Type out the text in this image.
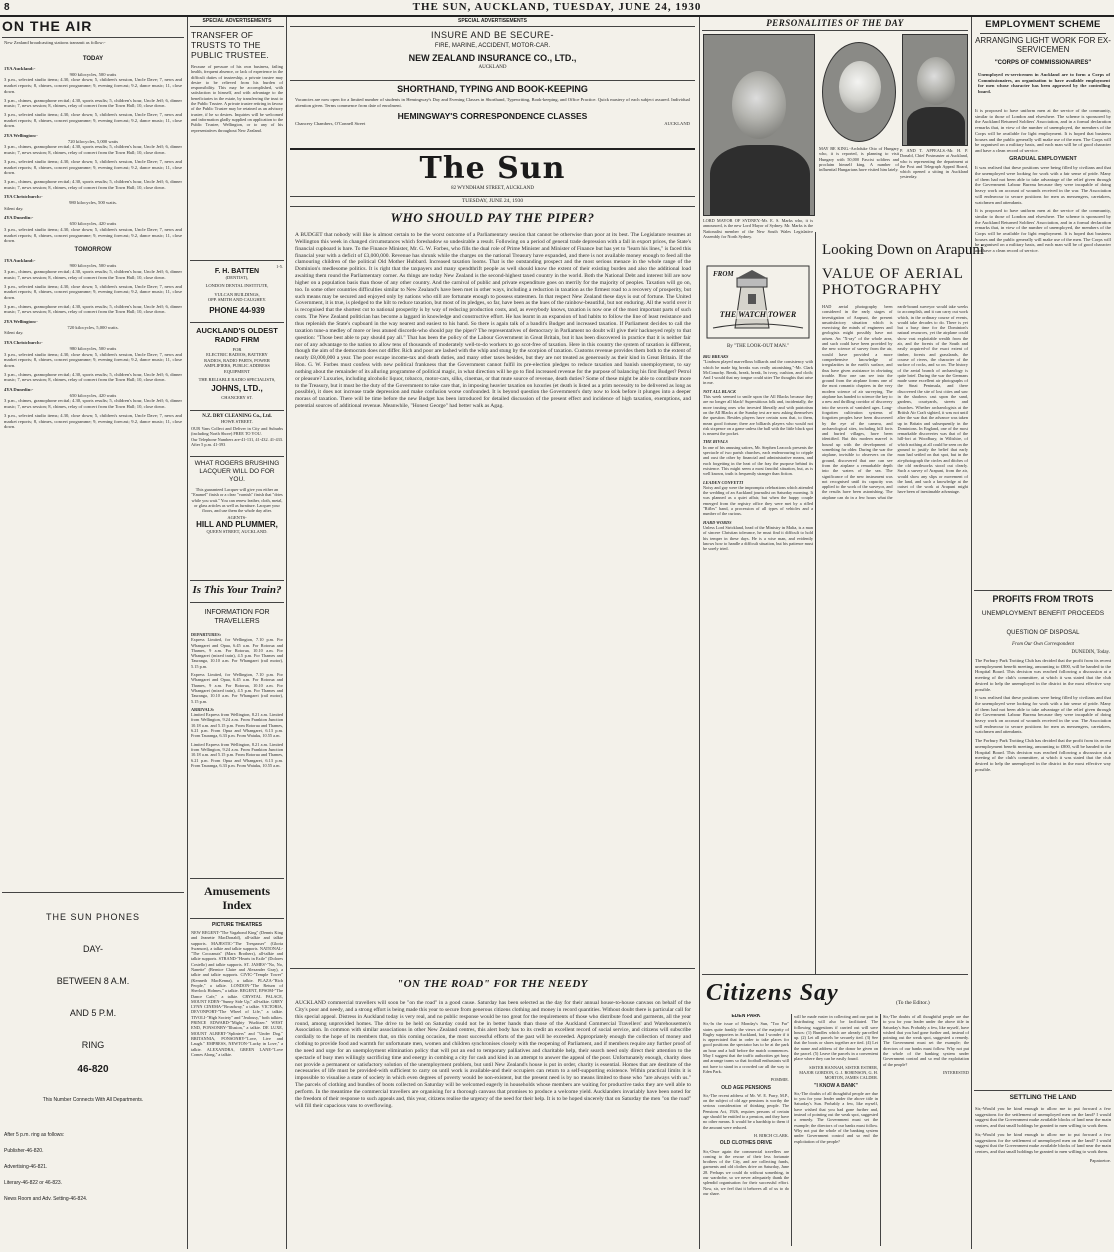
8	THE SUN, AUCKLAND, TUESDAY, JUNE 24, 1930
ON THE AIR
New Zealand broadcasting stations transmit as follow:-
TODAY
1YA Auckland:-
900 kilocycles, 500 watts

3 p.m., selected studio items; 4.30, close down; 5, children's session, Uncle Dave; 7, news and market reports; 8, chimes, concert programme; 9, evening forecast; 9.2, dance music; 11, close down.

3 p.m., chimes, gramophone recital; 4.30, sports results; 5, children's hour, Uncle Jeff; 6, dinner music; 7, news session; 8, chimes, relay of concert from the Town Hall; 10, close down.

3 p.m., selected studio items; 4.30, close down; 5, children's session, Uncle Dave; 7, news and market reports; 8, chimes, concert programme; 9, evening forecast; 9.2, dance music; 11, close down.

2YA Wellington:-
720 kilocycles, 5,000 watts

3 p.m., chimes, gramophone recital; 4.30, sports results; 5, children's hour, Uncle Jeff; 6, dinner music; 7, news session; 8, chimes, relay of concert from the Town Hall; 10, close down.

3 p.m., selected studio items; 4.30, close down; 5, children's session, Uncle Dave; 7, news and market reports; 8, chimes, concert programme; 9, evening forecast; 9.2, dance music; 11, close down.

3 p.m., chimes, gramophone recital; 4.30, sports results; 5, children's hour, Uncle Jeff; 6, dinner music; 7, news session; 8, chimes, relay of concert from the Town Hall; 10, close down.

3YA Christchurch:-
980 kilocycles, 500 watts.
Silent day.
4YA Dunedin:-
650 kilocycles, 420 watts

3 p.m., selected studio items; 4.30, close down; 5, children's session, Uncle Dave; 7, news and market reports; 8, chimes, concert programme; 9, evening forecast; 9.2, dance music; 11, close down.

TOMORROW
1YA Auckland:-
900 kilocycles, 500 watts

3 p.m., chimes, gramophone recital; 4.30, sports results; 5, children's hour, Uncle Jeff; 6, dinner music; 7, news session; 8, chimes, relay of concert from the Town Hall; 10, close down.

3 p.m., selected studio items; 4.30, close down; 5, children's session, Uncle Dave; 7, news and market reports; 8, chimes, concert programme; 9, evening forecast; 9.2, dance music; 11, close down.

3 p.m., chimes, gramophone recital; 4.30, sports results; 5, children's hour, Uncle Jeff; 6, dinner music; 7, news session; 8, chimes, relay of concert from the Town Hall; 10, close down.

2YA Wellington:-
720 kilocycles, 5,000 watts.
Silent day.
3YA Christchurch:-
980 kilocycles, 500 watts

3 p.m., selected studio items; 4.30, close down; 5, children's session, Uncle Dave; 7, news and market reports; 8, chimes, concert programme; 9, evening forecast; 9.2, dance music; 11, close down.

3 p.m., chimes, gramophone recital; 4.30, sports results; 5, children's hour, Uncle Jeff; 6, dinner music; 7, news session; 8, chimes, relay of concert from the Town Hall; 10, close down.

4YA Dunedin:-
650 kilocycles, 420 watts

3 p.m., chimes, gramophone recital; 4.30, sports results; 5, children's hour, Uncle Jeff; 6, dinner music; 7, news session; 8, chimes, relay of concert from the Town Hall; 10, close down.

3 p.m., selected studio items; 4.30, close down; 5, children's session, Uncle Dave; 7, news and market reports; 8, chimes, concert programme; 9, evening forecast; 9.2, dance music; 11, close down.

THE SUN PHONES
DAY-
BETWEEN 8 A.M.
AND 5 P.M.
RING
46-820
This Number Connects With All Departments.
After 5 p.m. ring as follows:
Publisher-46-820.
Advertising-46-821.
Literary-46-822 or 46-823.
News Room and Adv. Setting-46-824.
SPECIAL ADVERTISEMENTS
TRANSFER OF TRUSTS TO THE PUBLIC TRUSTEE.
Because of pressure of his own business, failing health, frequent absence, or lack of experience in the difficult duties of trusteeship, a private trustee may desire to be relieved from his burden of responsibility. This may be accomplished, with satisfaction to himself, and with advantage to the beneficiaries in the estate, by transferring the trust to the Public Trustee. A private trustee retiring in favour of the Public Trustee may be retained as an advisory trustee, if he so desires. Inquiries will be welcomed and information gladly supplied on application to the Public Trustee, Wellington, or to any of his representatives throughout New Zealand.
1-5.
F. H. BATTEN
(DENTIST),
LONDON DENTAL INSTITUTE,
VULCAN BUILDINGS,
OPP. SMITH AND CAUGHEY.
PHONE 44-939
AUCKLAND'S OLDEST RADIO FIRM
FOR
ELECTRIC RADIOS, BATTERY RADIOS, RADIO PARTS, POWER AMPLIFIERS, PUBLIC ADDRESS EQUIPMENT
THE RELIABLE RADIO SPECIALISTS,
JOHNS, LTD.,
CHANCERY ST.
N.Z. DRY CLEANING Co., Ltd.
HOWE STREET.
OUR Vans Collect and Deliver in City and Suburbs (including North Shore) FREE TO YOU.
Our Telephone Numbers are-41-131, 41-432. 41-433. After 5 p.m. 41-393
WHAT ROGERS BRUSHING LACQUER WILL DO FOR YOU.
This guaranteed Lacquer will give you either an "Enamel" finish or a clear "varnish" finish that "dries while you wait." You can renew leather, cloth, metal, or glass articles as well as furniture. Lacquer your floors, and use them the whole day after.
AGENTS-
HILL AND PLUMMER,
QUEEN STREET, AUCKLAND.
Is This Your Train?
INFORMATION FOR TRAVELLERS
DEPARTURES:

Express Limited, for Wellington, 7.10 p.m. For Whangarei and Opua, 6.45 a.m. For Rotorua and Thames, 9 a.m. For Rotorua, 10.10 a.m. For Whangarei (mixed train), 4.5 p.m. For Thames and Tauranga, 10.10 a.m. For Whangarei (rail motor), 5.15 p.m.

Express Limited, for Wellington, 7.10 p.m. For Whangarei and Opua, 6.45 a.m. For Rotorua and Thames, 9 a.m. For Rotorua, 10.10 a.m. For Whangarei (mixed train), 4.5 p.m. For Thames and Tauranga, 10.10 a.m. For Whangarei (rail motor), 5.15 p.m.

ARRIVALS:

Limited Express from Wellington, 8.21 a.m. Limited from Wellington, 9.24 a.m. From Frankton Junction 10.18 a.m. and 5.15 p.m. From Rotorua and Thames, 6.21 p.m. From Opua and Whangarei, 6.13 p.m. From Tauranga, 6.33 p.m. From Waiuku, 10.55 a.m.

Limited Express from Wellington, 8.21 a.m. Limited from Wellington, 9.24 a.m. From Frankton Junction 10.18 a.m. and 5.15 p.m. From Rotorua and Thames, 6.21 p.m. From Opua and Whangarei, 6.13 p.m. From Tauranga, 6.33 p.m. From Waiuku, 10.55 a.m.

Amusements Index
PICTURE THEATRES
NEW REGENT-"The Vagabond King" (Dennis King and Jeanette MacDonald), all-talkie and talkie supports. MAJESTIC-"The Trespasser" (Gloria Swanson), a talkie and talkie supports. NATIONAL-"The Cocoanuts" (Marx Brothers), all-talkie and talkie supports. STRAND-"Hearts in Exile" (Dolores Costello) and talkie supports. ST. JAMES'-"No, No, Nanette" (Bernice Claire and Alexander Gray), a talkie and talkie supports. CIVIC-"Temple Tower" (Kenneth MacKenna), a talkie. PLAZA-"Rich People," a talkie. LONDON-"The Return of Sherlock Holmes," a talkie. REGENT, EPSOM-"The Dance Cafe," a talkie. CRYSTAL PALACE, MOUNT EDEN-"Sunny Side Up," all-talkie. GREY LYNN CINEMA-"Broadway," a talkie. VICTORIA, DEVONPORT-"The Wheel of Life," a talkie. TIVOLI-"High Society" and "Jealousy," both talkies. PRINCE EDWARD-"Mighty Wurlitzer." WEST END, PONSONBY-"Illusion," a talkie. DE LUXE, MOUNT ALBERT-"Splinters" and "Under Dog." BRITANNIA, PONSONBY-"Love, Live and Laugh." EMPRESS, NEWTON-"Lucky in Love," a talkie. ALEXANDRA, GREEN LANE-"Love Comes Along," a talkie.
SPECIAL ADVERTISEMENTS
INSURE AND BE SECURE-
FIRE, MARINE, ACCIDENT, MOTOR-CAR.
NEW ZEALAND INSURANCE CO., LTD.,
AUCKLAND
SHORTHAND, TYPING AND BOOK-KEEPING
Vacancies are now open for a limited number of students in Hemingway's Day and Evening Classes in Shorthand, Typewriting, Book-keeping, and Office Practice. Quick mastery of each subject assured. Individual attention given. Terms commence from date of enrolment.
HEMINGWAY'S CORRESPONDENCE CLASSES
Chancery Chambers, O'Connell Street	AUCKLAND
The Sun
82 WYNDHAM STREET, AUCKLAND
TUESDAY, JUNE 24, 1930
WHO SHOULD PAY THE PIPER?
A BUDGET that nobody will like is almost certain to be the worst outcome of a Parliamentary session that cannot be otherwise than poor at its best. The Legislature resumes at Wellington this week in changed circumstances which foreshadow so undesirable a result. Following on a period of general trade depression with a fall in export prices, the State's financial cupboard is bare. To the Finance Minister, Mr. G. W. Forbes, who fills the dual role of Prime Minister and Minister of Finance but has yet to "learn his lines," is faced this financial year with a deficit of £3,000,000. Revenue has shrunk while the charges on the national Treasury have expanded, and there is not available money enough to feed all the clamouring children of the political Old Mother Hubbard. Increased taxation looms. That is the outstanding prospect and the most serious menace in the whole range of the Dominion's medlesome politics. It is right that the taxpayers and many spendthrift people as well should know the extent of their existing burden and also the additional load awaiting them round the Parliamentary corner. As things are today New Zealand is the second-highest taxed country in the world. Both the National Debt and interest bill are now higher on a population basis than those of any other country. And the carnival of public and private expenditure goes on merrily for the majority of peoples. Taxation will go on, too. In some other countries difficulties similar to New Zealand's have been met in other ways, including a reduction in taxation as the firmest road to a recovery of prosperity, but such means may be secured and enjoyed only by nations who still are fortunate enough to possess statesmen. In that respect New Zealand these days is out of fortune. The United Government, it is true, is pledged to the hilt to reduce taxation, but most of its pledges, so far, have been as the hues of the rainbow-beautiful, but not enduring. All the world over it is recognised that the shortest cut to national prosperity is by way of reducing production costs, and, as everybody knows, taxation is now one of the most important parts of such costs. The New Zealand politician has become a laggard in knowledge and constructive effort. He has learnt in an expansion of bad habits to follow the line of least resistance and thus replenish the State's cupboard in the way nearest and easiest to his hand. So there is again talk of a bandit's Budget and increased taxation. If Parliament decides to call the taxation tune-a medley of more or less atuned discords-who should pay the piper? The representatives of democracy in Parliament no doubt will give their hackneyed reply to that question: "Those best able to pay should pay all." That has been the policy of the Labour Government in Great Britain, but it has been discovered in practice that it is neither fair nor of any advantage to the nation to allow tens of thousands of moderately well-to-do workers to go scot-free of taxation. Here in this country the system of taxation is different, though the aim of the democrats does not differ. Rich and poor are lashed with the whip and stung by the scorpion of taxation. Customs revenue provides them both to the extent of nearly £8,000,000 a year. The poor escape income-tax and death duties, and many other taxes besides, but they are not treated as generously as their kind in Great Britain. If the Hon. G. W. Forbes must confess with new political frankness that the Government cannot fulfil its pre-election pledges to reduce taxation and banish unemployment, to say nothing about the remainder of its alluring programme of political magic, in what direction will he go to find increased revenue for the purpose of balancing his first Budget? Petrol or pleasure? Luxuries, including alcoholic liquor, tobacco, motor-cars, silks, cinemas, or that mute source of revenue, death duties? Some of these might be able to contribute more to the Treasury, but it must be the duty of the Government to take care that, in imposing heavier taxation on luxuries (et death is listed as a prim necessity to be delivered as long as possible), it does not increase trade depression and make confusion worse confounded. It is beyond question the Government's duty now to look before it plunges into a deeper morass of taxation. There will be time before the new Budget has been introduced for detailed discussion of the present effect and incidence of high taxation, exemptions, and potential sources of additional revenue. Meanwhile, "Honest George" had better walk as Agag.
"ON THE ROAD" FOR THE NEEDY
AUCKLAND commercial travellers will soon be "on the road" in a good cause. Saturday has been selected as the day for their annual house-to-house canvass on behalf of the City's poor and needy, and a strong effort is being made this year to secure from generous citizens clothing and money in record quantities. Without doubt there is particular call for this special appeal. Distress in Auckland today is very real, and no public response would be too great for the requirements of those who distribute food and garments, all the year round, among unprovided homes. The drive to be held on Saturday could not be in better hands than those of the Auckland Commercial Travellers' and Warehousemen's Association. In common with similar associations in other New Zealand centres, this alert body has to its credit an excellent record of social service, and citizens will subscribe cordially to the hope of its members that, on this coming occasion, the most successful efforts of the past will be exceeded. Appropriately enough the collection of money and clothing to provide food and warmth for unfortunate men, women and children synchronises closely with the reopening of Parliament, and if members require any further proof of the need and urge for an unemployment elimination policy that will put an end to temporary palliatives and charitable help, their search need only direct their attention to the spectacle of busy men willingly sacrificing time and energy in combing a city for cash and kind in an attempt to answer the appeal of the poor. Unfortunately enough, charity does not provide a permanent or satisfactory solution of the unemployment problem, but until New Zealand's house is put in order, charity is essential. Homes that are destitute of the necessaries of life must be provided-with sufficient to carry on until work is available-and their occupiers can return to a self-supporting existence. Within practical limits it is impossible to visualise a state of society in which even degrees of poverty would be non-existent, but the present need is by no means limited to those who "are always with us." The parcels of clothing and bundles of boots collected on Saturday will be welcomed eagerly in households whose members are waiting for productive tasks they are well able to perform. In the meantime the commercial travellers are organising for a thorough canvass that promises to produce a welcome yield. Aucklanders invariably have been noted for the freedom of their response to such appeals and, this year, citizens realise the urgency of the need for their help. It is to be hoped sincerely that on Saturday the men "on the road" will fill their capacious vans to overflowing.
PERSONALITIES OF THE DAY
LORD MAYOR OF SYDNEY.-Mr. E. S. Marks who, it is announced, is the new Lord Mayor of Sydney. Mr. Marks is the Nationalist member of the New South Wales Legislative Assembly for North Sydney.
MAY BE KING.-Archduke Otto of Hungary who, it is reported, is planning to visit Hungary with 50,000 Fascist soldiers and proclaim himself king. A number of influential Hungarians have visited him lately.
P. AND T. APPEALS.-Mr. H. P. Donald, Chief Postmaster at Auckland, who is representing the department at the Post and Telegraph Appeal Board, which opened a sitting in Auckland yesterday.
FROM
THE WATCH TOWER
By "THE LOOK-OUT MAN."
BIG BREAKS

"Lindrum played marvellous billiards and the consistency with which he made big breaks was really astonishing."-Mr. Clark McConachy. Break, break, break, In ivory, cushion, and cloth; And I would that my tongue could utter The thoughts that arise in me.

NOT ALL BLACK

This week seemed to smile upon the All Blacks because they are no longer all black! Superstitious folk and, incidentally, the more trusting ones who invested liberally and with patriotism on the All Blacks at the Sunday test are now asking themselves the question. Besides players have certain sons that, to them, mean good fortune; there are billiards players who would not risk sixpence on a game unless the ball with the little black spot is nearest the pocket.

THE RIVALS

In one of his amusing satires, Mr. Stephen Leacock presents the spectacle of two parish churches, each endeavouring to cripple and oust the other by financial and administrative means, and each forgetting in the heat of the fray the purpose behind its existence. This might seem a most fanciful situation, but, as is well known, truth is frequently stranger than fiction.

LEADEN CONFETTI

Noisy and gay were the impromptu celebrations which attended the wedding of an Auckland journalist on Saturday morning. It was planned as a quiet affair, but when the happy couple emerged from the registry office they were met by a rifled "Rifles" band, a procession of all types of vehicles and a number of the curious.

HARD WORDS

Unless Lord Strickland, head of the Ministry in Malta, is a man of sincere Christian tolerance, he must find it difficult to hold his temper in these days. He is a wise man, and evidently knows how to handle a difficult situation, but his patience must be sorely tried.

Looking Down on Arapuni
VALUE OF AERIAL PHOTOGRAPHY
HAD aerial photography been considered in the early stages of investigation of Arapuni, the present unsatisfactory situation which is exercising the minds of engineers and geologists might possibly have not arisen. An "X-ray" of the whole area, and such could have been provided by the new science of survey from the air, would have provided a more comprehensive knowledge of irregularities in the earth's surface, and thus have given assistance in obviating trouble. How one can see into the ground from the airplane forms one of the most romantic chapters in the very modern science of air surveying. The airplane has handed to science the key to a new and thrilling corridor of discovery into the secrets of vanished ages. Long-forgotten cultivation systems of forgotten peoples have been discovered by the eye of the camera, and archaeological sites, including hill forts and buried villages, have been identified. But this modern marvel is bound up with the development of something far older. During the war the airplane, invisible to observers on the ground, discovered that one can see from the airplane a remarkable depth into the waters of the sea. The significance of the new instrument was not recognised until its capacity was applied to the work of the surveyor, and the results have been astonishing. The airplane can do in a few hours what the earth-bound surveyor would take weeks to accomplish, and it can carry out work which, in the ordinary course of events, would take decades to do. There is yet but a busy time for the Dominion's natural resources, yet the airplane could show vast exploitable wealth from the air, and the forests of the South and easily acquired-of the exact extent of timber, forests and grasslands, the course of rivers, the character of the surface of rocks, and so on. The history of the aerial branch of archaeology is quite brief. During the war the Germans made some excellent air photographs of the Sinai Peninsula, and there discovered the site of lost cities and saw in the shadows cast upon the sand, gardens, courtyards, streets and churches. Whether archaeologists at the British Air Craft sighted, it was not until after the war that the advance was taken up in Britain and subsequently in the Dominions. In England, one of the most remarkable discoveries was that of the hill-fort at Woodbury, in Wiltshire, of which nothing at all could be seen on the ground to justify the belief that early man had settled on that spot, but in the air-photograph the circles and ditches of the old earthworks stood out clearly. Such a survey of Arapuni, from the air, would show any slips or movement of the land, and such a knowledge at the outset of the work at Arapuni might have been of inestimable advantage.
Citizens Say	(To the Editor.)
EDEN PARK

Sir,-In the issue of Monday's Sun, "Too Far" states quite frankly the views of the majority of Rugby supporters in Auckland, but I wonder if it is appreciated that in order to take places for good positions the spectator has to be at the park an hour and a half before the match commences. May I suggest that the traffic authorities get busy and arrange trams so that football enthusiasts will not have to stand in a crowded car all the way to Eden Park.

POMMIE.
OLD AGE PENSIONS

Sir,-The recent address of Mr. W. E. Parry, M.P., on the subject of old age pensions is worthy the serious consideration of thinking people. The Pensions Act, 1926, requires persons of certain age should be entitled to a pension, and they have no other means. It would be a hardship to them if the amount were reduced.

H. BIRCH CLARK.
OLD CLOTHES DRIVE

Sir,-Once again the commercial travellers are coming to the rescue of their less fortunate brothers of the City, and are collecting funds, garments and old clothes drive on Saturday, June 28. Perhaps we could do without something, in our wardrobe, so we never adequately thank the splendid organisation for their successful effort. Now, sir, we feel that it behoves all of us to do our share.

will be made easier in collecting and our part in distributing will also be facilitated. The following suggestions if carried out will save hours: (1) Bundles which are already parcelled up. (2) Let all parcels be securely tied. (3) See that the boots or shoes together are tied. (4) Let the name and address of the donor be given on the parcel. (5) Leave the parcels in a convenient place where they can be easily found.

SISTER HANNAH, SISTER ESTHER, MAJOR GORDON, G. J. ROBINSON, G. H. MORTON, JAMES CALDER.
"I KNOW A BANK"

Sir,-The doubts of all thoughtful people are due to you for your leader under the above title in Saturday's Sun. Probably a few, like myself, have wished that you had gone further and, instead of pointing out the weak spot, suggested a remedy. The Government must set the example; the directors of our banks must follow. Why not put the whole of the banking system under Government control and so end the exploitation of the people?

Sir,-The doubts of all thoughtful people are due to you for your leader under the above title in Saturday's Sun. Probably a few, like myself, have wished that you had gone further and, instead of pointing out the weak spot, suggested a remedy. The Government must set the example; the directors of our banks must follow. Why not put the whole of the banking system under Government control and so end the exploitation of the people?

INTERESTED
EMPLOYMENT SCHEME
ARRANGING LIGHT WORK FOR EX-SERVICEMEN
"CORPS OF COMMISSIONAIRES"
Unemployed ex-servicemen in Auckland are to form a Corps of Commissionaires, an organisation to have available employment for men whose character has been approved by the controlling board.

It is proposed to have uniform men at the service of the community, similar to those of London and elsewhere. The scheme is sponsored by the Auckland Returned Soldiers' Association, and in a formal declaration remarks that, in view of the number of unemployed, the members of the Corps will be available for light employment. It is hoped that business houses and the public generally will make use of the men. The Corps will be organised on a military basis, and each man will be of good character and have a clean record of service.

GRADUAL EMPLOYMENT

It was realised that these positions were being filled by civilians and that the unemployed were looking for work with a fair sense of pride. Many of them had not been able to take advantage of the relief given through the Government Labour Bureau because they were incapable of doing heavy work on account of wounds received in the war. The Association will endeavour to secure positions for men as messengers, caretakers, watchmen and attendants.

It is proposed to have uniform men at the service of the community, similar to those of London and elsewhere. The scheme is sponsored by the Auckland Returned Soldiers' Association, and in a formal declaration remarks that, in view of the number of unemployed, the members of the Corps will be available for light employment. It is hoped that business houses and the public generally will make use of the men. The Corps will be organised on a military basis, and each man will be of good character and have a clean record of service.

PROFITS FROM TROTS
UNEMPLOYMENT BENEFIT PROCEEDS
QUESTION OF DISPOSAL
From Our Own Correspondent
DUNEDIN, Today.

The Forbury Park Trotting Club has decided that the profit from its recent unemployment benefit meeting, amounting to £800, will be handed to the Hospital Board. This decision was reached following a discussion at a meeting of the club's committee, at which it was stated that the club desired to help the unemployed in the district in the most effective way possible.

It was realised that these positions were being filled by civilians and that the unemployed were looking for work with a fair sense of pride. Many of them had not been able to take advantage of the relief given through the Government Labour Bureau because they were incapable of doing heavy work on account of wounds received in the war. The Association will endeavour to secure positions for men as messengers, caretakers, watchmen and attendants.

The Forbury Park Trotting Club has decided that the profit from its recent unemployment benefit meeting, amounting to £800, will be handed to the Hospital Board. This decision was reached following a discussion at a meeting of the club's committee, at which it was stated that the club desired to help the unemployed in the district in the most effective way possible.

SETTLING THE LAND

Sir,-Would you be kind enough to allow me to put forward a few suggestions for the settlement of unemployed men on the land? I would suggest that the Government make available blocks of land near the main centres, and that small holdings be granted to men willing to work them.

Sir,-Would you be kind enough to allow me to put forward a few suggestions for the settlement of unemployed men on the land? I would suggest that the Government make available blocks of land near the main centres, and that small holdings be granted to men willing to work them.

Papatoetoe.
